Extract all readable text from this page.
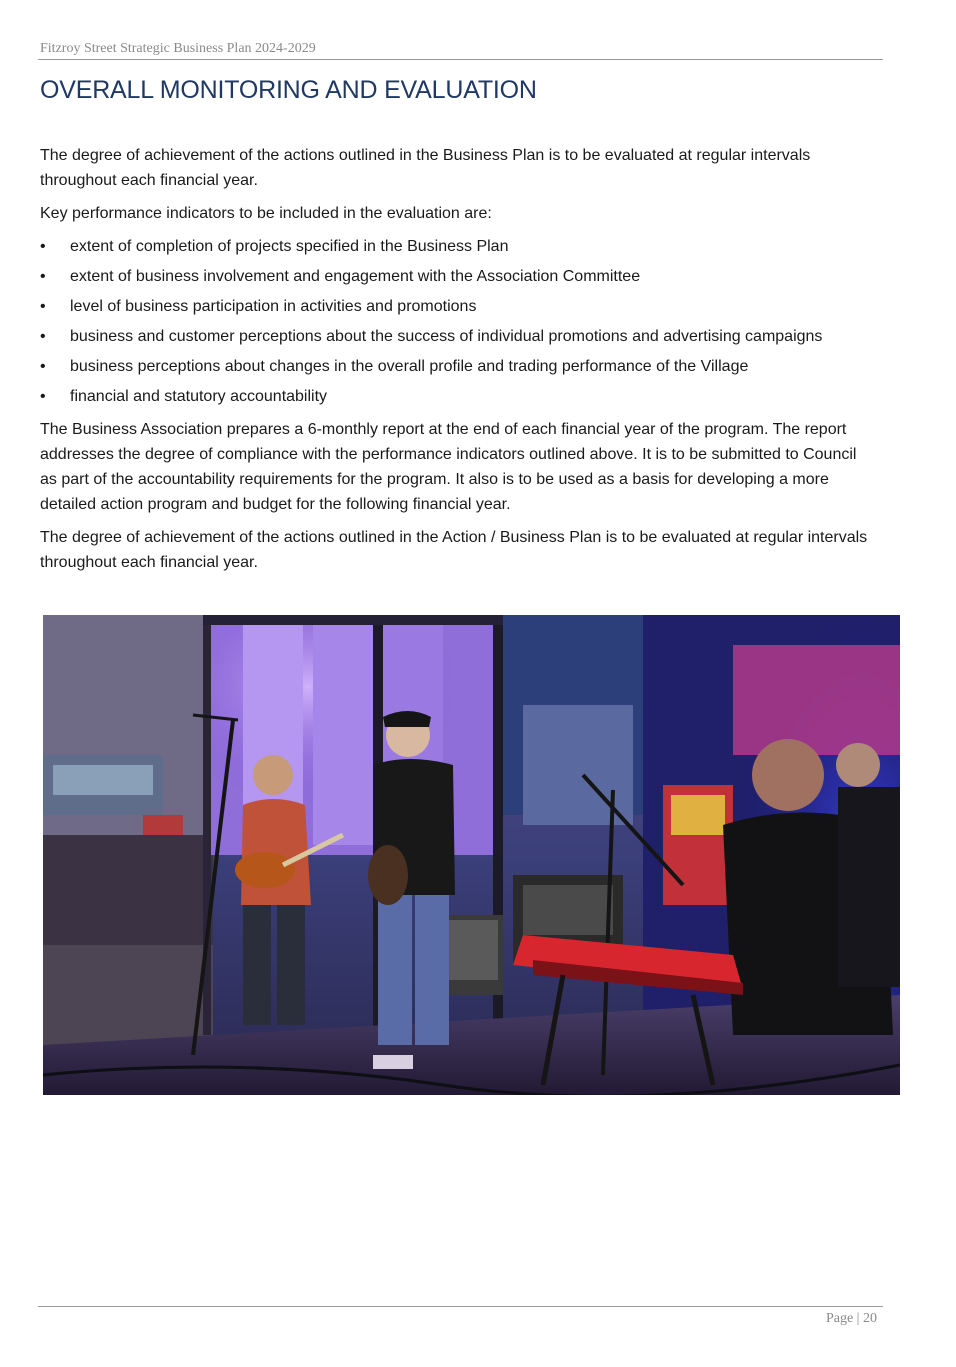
Fitzroy Street Strategic Business Plan 2024-2029
OVERALL MONITORING AND EVALUATION

The degree of achievement of the actions outlined in the Business Plan is to be evaluated at regular intervals throughout each financial year.

Key performance indicators to be included in the evaluation are:

• extent of completion of projects specified in the Business Plan
• extent of business involvement and engagement with the Association Committee
• level of business participation in activities and promotions
• business and customer perceptions about the success of individual promotions and advertising campaigns
• business perceptions about changes in the overall profile and trading performance of the Village
• financial and statutory accountability

The Business Association prepares a 6-monthly report at the end of each financial year of the program. The report addresses the degree of compliance with the performance indicators outlined above. It is to be submitted to Council as part of the accountability requirements for the program. It also is to be used as a basis for developing a more detailed action program and budget for the following financial year.

The degree of achievement of the actions outlined in the Action / Business Plan is to be evaluated at regular intervals throughout each financial year.

Page | 20
